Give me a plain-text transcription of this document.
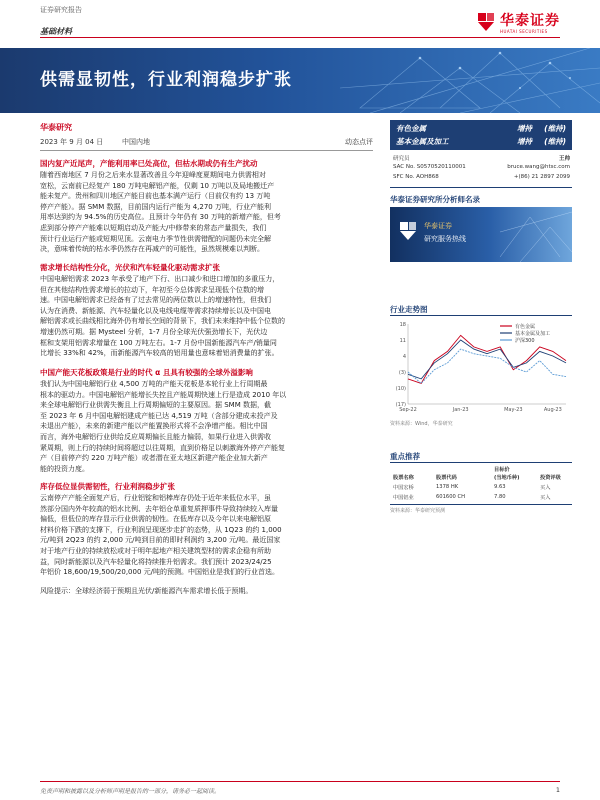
证券研究报告
基础材料
华泰证券
HUATAI SECURITIES
供需显韧性，行业利润稳步扩张
华泰研究
2023 年 9 月 04 日	中国内地	动态点评
国内复产近尾声，产能利用率已处高位，但枯水期或仍有生产扰动
随着西南地区 7 月份之后来水显著改善且今年迎峰度夏期间电力供需相对
宽松，云南前已经复产 180 万吨电解铝产能，仅剩 10 万吨以及局地搬迁产
能未复产。贵州和四川地区产能目前也基本满产运行（目前仅有约 13 万吨
停产产能）。据 SMM 数据，目前国内运行产能为 4,270 万吨，行业产能利
用率达到约为 94.5%的历史高位。且预计今年仍有 30 万吨的新增产能，但考
虑到部分停产产能难以短期启动及产能大/中修带来的常态产量损失，我们
预计行业运行产能或短期见顶。云南电力季节性供需错配的问题仍未完全解
决，意味着传统的枯水季仍然存在再减产的可能性，虽然规模难以判断。
需求增长结构性分化，光伏和汽车轻量化驱动需求扩张
中国电解铝需求 2023 年承受了地产下行、出口减少和进口增加的多重压力，
但在其他结构性需求增长的拉动下，年初至今总体需求呈现低个位数的增
速。中国电解铝需求已经备有了过去常见的两位数以上的增速特性，但我们
认为在消费、新能源、汽车轻量化以及电线电缆等需求持续增长以及中国电
解铝需求或长曲线相比海外仍有增长空间的背景下，我们未来维持中低个位数的
增速仍然可期。据 Mysteel 分析，1-7 月份全球光伏强劲增长下，光伏边
框和支架用铝需求增量在 100 万吨左右。1-7 月份中国新能源汽车产/销量同
比增长 33%和 42%，而新能源汽车较高的铝用量也意味着铝消费量的扩张。
中国产能天花板政策是行业的时代 α 且具有较强的全球外溢影响
我们认为中国电解铝行业 4,500 万吨的产能天花板是本轮行业上行周期最
根本的驱动力。中国电解铝产能增长失控且产能周期快速上行是造成 2010 年以
来全球电解铝行业供需失衡且上行周期偏短的主要原因。据 SMM 数据，截
至 2023 年 6 月中国电解铝建成产能已达 4,519 万吨（含部分建成未投产及
未退出产能），未来的新建产能以产能置换形式将不会净增产能。相比中国
而言，海外电解铝行业供给反应周期偏长且能力偏弱，如果行业进入供需收
紧周期，则上行的持续时间将超过以往周期，直到价格足以刺激海外停产产能复
产（目前停产约 220 万吨产能）或者潜在亚太地区新建产能企业加大新产
能的投资力度。
库存低位显供需韧性，行业利润稳步扩张
云南停产产能全面复产后，行业铝锭和铝棒库存仍处于近年来低位水平，虽
然部分国内外年较高的铝水比例、去年铝仓单重复质押事件导致持续较入库量
偏低，但低位的库存显示行业供需的韧性。在低库存以及今年以来电解铝原
材料价格下跌的支撑下，行业利润呈现逐步走扩的态势，从 1Q23 的约 1,000
元/吨到 2Q23 的约 2,000 元/吨到目前的即时利润约 3,200 元/吨。最近国家
对于地产行业的持续放松或对于明年起地产相关建筑型材的需求企稳有所助
益，同时新能源以及汽车轻量化将持续推升铝需求。我们预计 2023/24/25
年铝价 18,600/19,500/20,000 元/吨的预测。中国铝业是我们的行业首选。
风险提示：全球经济弱于预期且光伏/新能源汽车需求增长低于预期。
有色金属	增持 (维持)
基本金属及加工	增持 (维持)
研究员	王帅
SAC No. S0570520110001	bruce.wang@htsc.com
SFC No. AOH868	+(86) 21 2897 2099
华泰证券研究所分析师名录
华泰证券
研究服务热线
行业走势图
18
11
4
(3)
(10)
(17)
Sep-22	Jan-23	May-23	Aug-23
有色金属
基本金属及加工
沪深300
资料来源：Wind，华泰研究
重点推荐
目标价
股票名称	股票代码	(当地币种)	投资评级
中国宏桥	1378 HK	9.63	买入
中国铝业	601600 CH	7.80	买入
资料来源：华泰研究预测
免责声明和披露以及分析师声明是报告的一部分，请务必一起阅读。	1
